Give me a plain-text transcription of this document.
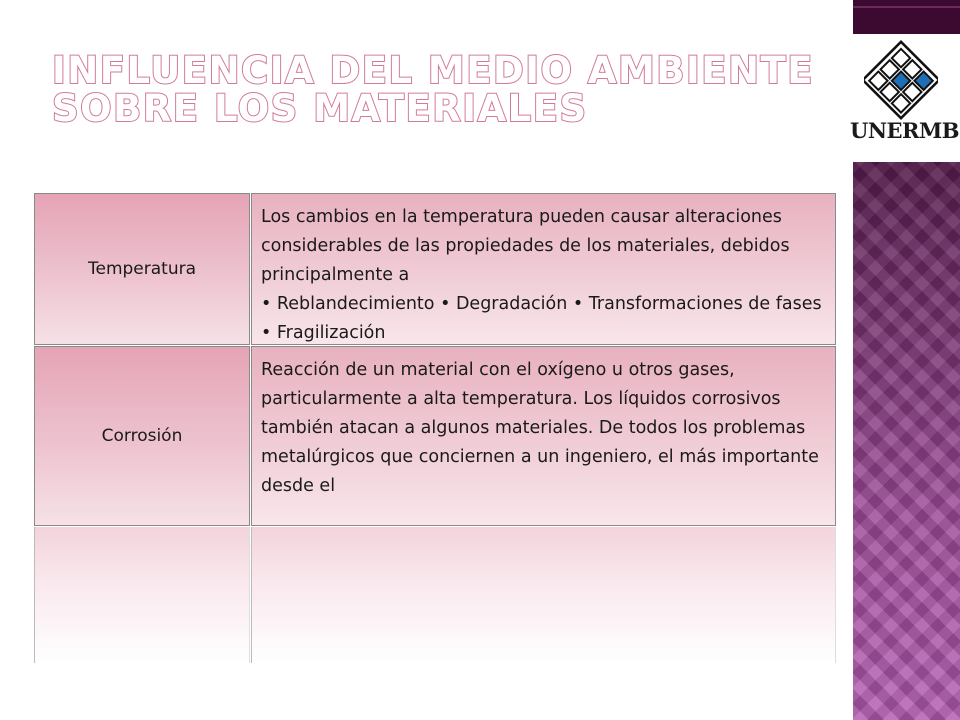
UNERMB
INFLUENCIA DEL MEDIO AMBIENTE SOBRE LOS MATERIALES
Temperatura

Los cambios en la temperatura pueden causar alteraciones considerables de las propiedades de los materiales, debidos principalmente a

• Reblandecimiento • Degradación • Transformaciones de fases • Fragilización

Corrosión

Reacción de un material con el oxígeno u otros gases, particularmente a alta temperatura. Los líquidos corrosivos también atacan a algunos materiales. De todos los problemas metalúrgicos que conciernen a un ingeniero, el más importante desde el
